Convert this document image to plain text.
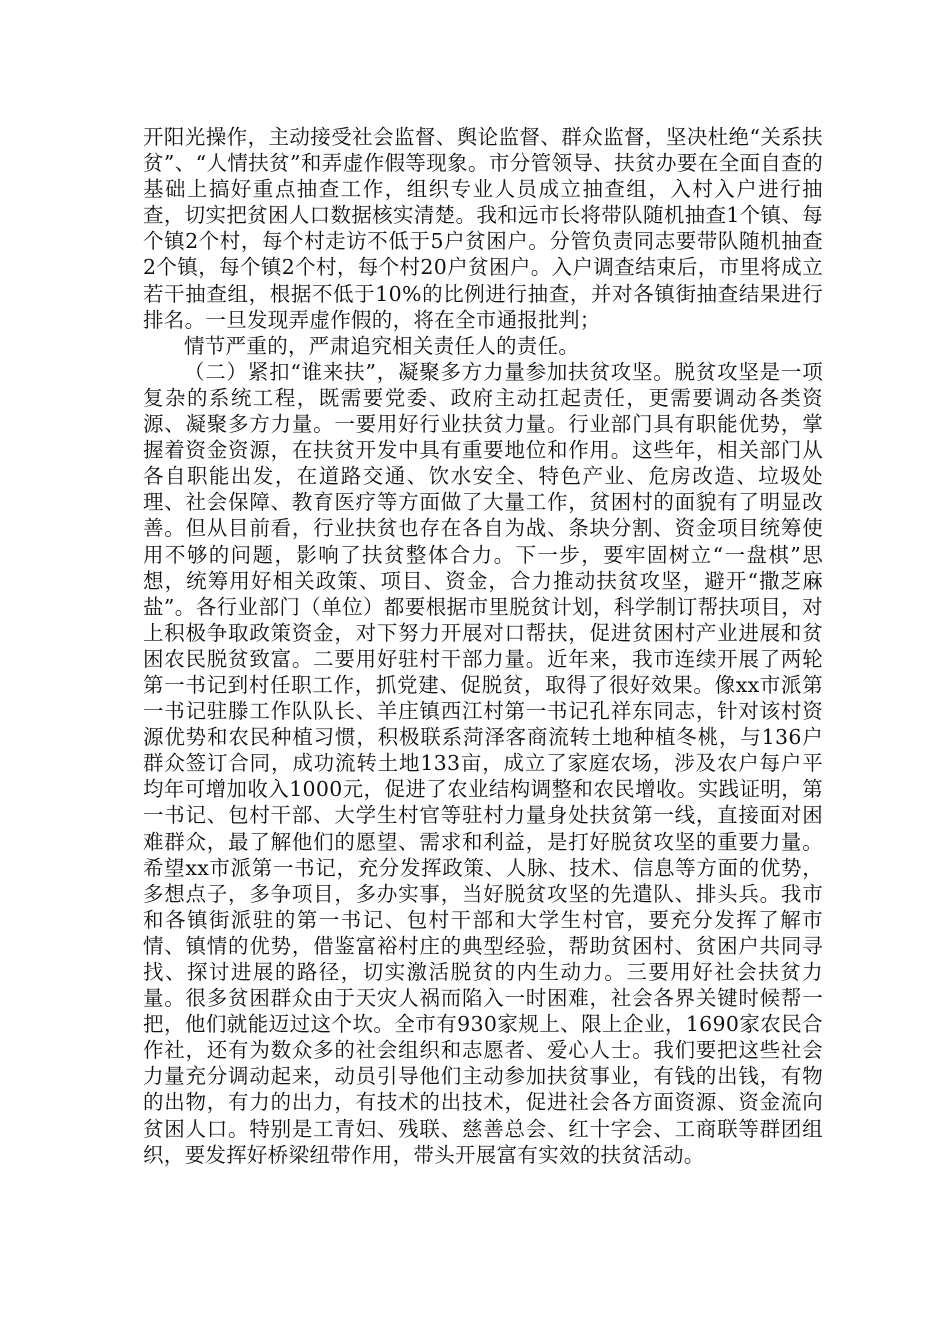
开阳光操作，主动接受社会监督、舆论监督、群众监督，坚决杜绝“关系扶贫”、“人情扶贫”和弄虚作假等现象。市分管领导、扶贫办要在全面自查的基础上搞好重点抽查工作，组织专业人员成立抽查组，入村入户进行抽查，切实把贫困人口数据核实清楚。我和远市长将带队随机抽查1个镇、每个镇2个村，每个村走访不低于5户贫困户。分管负责同志要带队随机抽查2个镇，每个镇2个村，每个村20户贫困户。入户调查结束后，市里将成立若干抽查组，根据不低于10%的比例进行抽查，并对各镇街抽查结果进行排名。一旦发现弄虚作假的，将在全市通报批判；

情节严重的，严肃追究相关责任人的责任。

（二）紧扣“谁来扶”，凝聚多方力量参加扶贫攻坚。脱贫攻坚是一项复杂的系统工程，既需要党委、政府主动扛起责任，更需要调动各类资源、凝聚多方力量。一要用好行业扶贫力量。行业部门具有职能优势，掌握着资金资源，在扶贫开发中具有重要地位和作用。这些年，相关部门从各自职能出发，在道路交通、饮水安全、特色产业、危房改造、垃圾处理、社会保障、教育医疗等方面做了大量工作，贫困村的面貌有了明显改善。但从目前看，行业扶贫也存在各自为战、条块分割、资金项目统筹使用不够的问题，影响了扶贫整体合力。下一步，要牢固树立“一盘棋”思想，统筹用好相关政策、项目、资金，合力推动扶贫攻坚，避开“撒芝麻盐”。各行业部门（单位）都要根据市里脱贫计划，科学制订帮扶项目，对上积极争取政策资金，对下努力开展对口帮扶，促进贫困村产业进展和贫困农民脱贫致富。二要用好驻村干部力量。近年来，我市连续开展了两轮第一书记到村任职工作，抓党建、促脱贫，取得了很好效果。像xx市派第一书记驻滕工作队队长、羊庄镇西江村第一书记孔祥东同志，针对该村资源优势和农民种植习惯，积极联系菏泽客商流转土地种植冬桃，与136户群众签订合同，成功流转土地133亩，成立了家庭农场，涉及农户每户平均年可增加收入1000元，促进了农业结构调整和农民增收。实践证明，第一书记、包村干部、大学生村官等驻村力量身处扶贫第一线，直接面对困难群众，最了解他们的愿望、需求和利益，是打好脱贫攻坚的重要力量。希望xx市派第一书记，充分发挥政策、人脉、技术、信息等方面的优势，多想点子，多争项目，多办实事，当好脱贫攻坚的先遣队、排头兵。我市和各镇街派驻的第一书记、包村干部和大学生村官，要充分发挥了解市情、镇情的优势，借鉴富裕村庄的典型经验，帮助贫困村、贫困户共同寻找、探讨进展的路径，切实激活脱贫的内生动力。三要用好社会扶贫力量。很多贫困群众由于天灾人祸而陷入一时困难，社会各界关键时候帮一把，他们就能迈过这个坎。全市有930家规上、限上企业，1690家农民合作社，还有为数众多的社会组织和志愿者、爱心人士。我们要把这些社会力量充分调动起来，动员引导他们主动参加扶贫事业，有钱的出钱，有物的出物，有力的出力，有技术的出技术，促进社会各方面资源、资金流向贫困人口。特别是工青妇、残联、慈善总会、红十字会、工商联等群团组织，要发挥好桥梁纽带作用，带头开展富有实效的扶贫活动。
